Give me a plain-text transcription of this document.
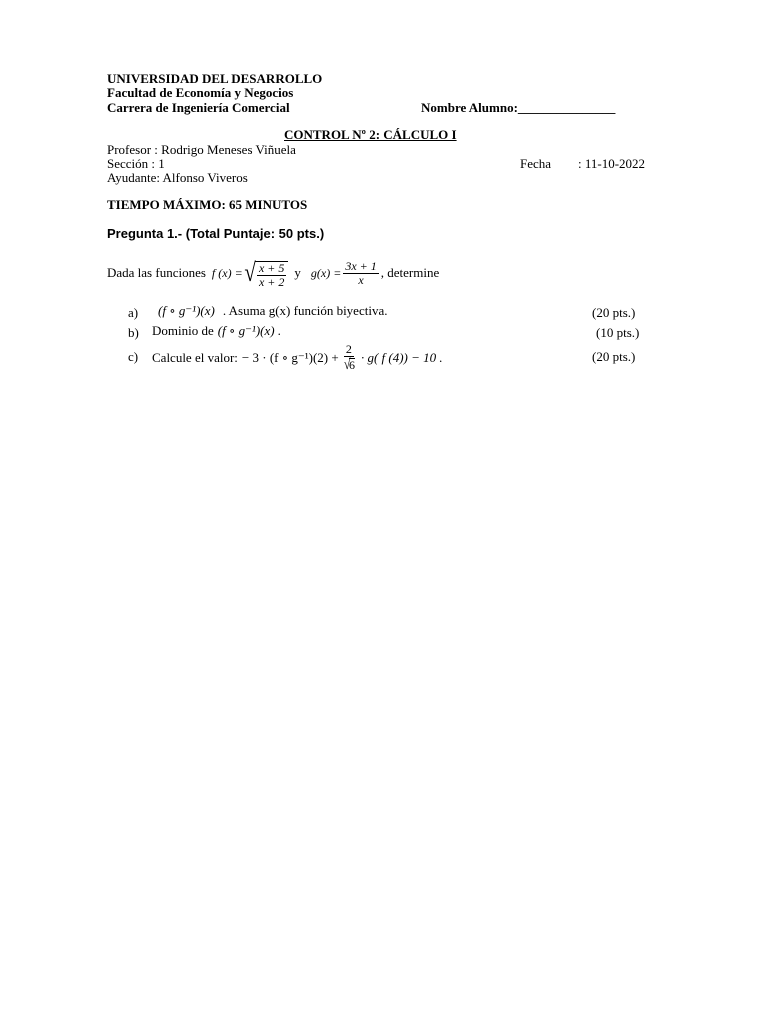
UNIVERSIDAD DEL DESARROLLO
Facultad de Economía y Negocios
Carrera de Ingeniería Comercial	Nombre Alumno:_______________
CONTROL Nº 2: CÁLCULO I
Profesor : Rodrigo Meneses Viñuela
Sección : 1	Fecha : 11-10-2022
Ayudante: Alfonso Viveros
TIEMPO MÁXIMO: 65 MINUTOS
Pregunta 1.- (Total Puntaje: 50 pts.)
Dada las funciones f (x) = √ $\frac{x + 5}{x + 2}$ y $g(x) = \frac{3x + 1}{x}$ , determine
a) (f ∘ g⁻¹)(x) . Asuma g(x) función biyectiva.	(20 pts.)
b) Dominio de (f ∘ g⁻¹)(x) .	(10 pts.)
c) Calcule el valor: − 3 · (f ∘ g⁻¹)(2) + 2
√
6 · g( f (4)) − 10 .	(20 pts.)
